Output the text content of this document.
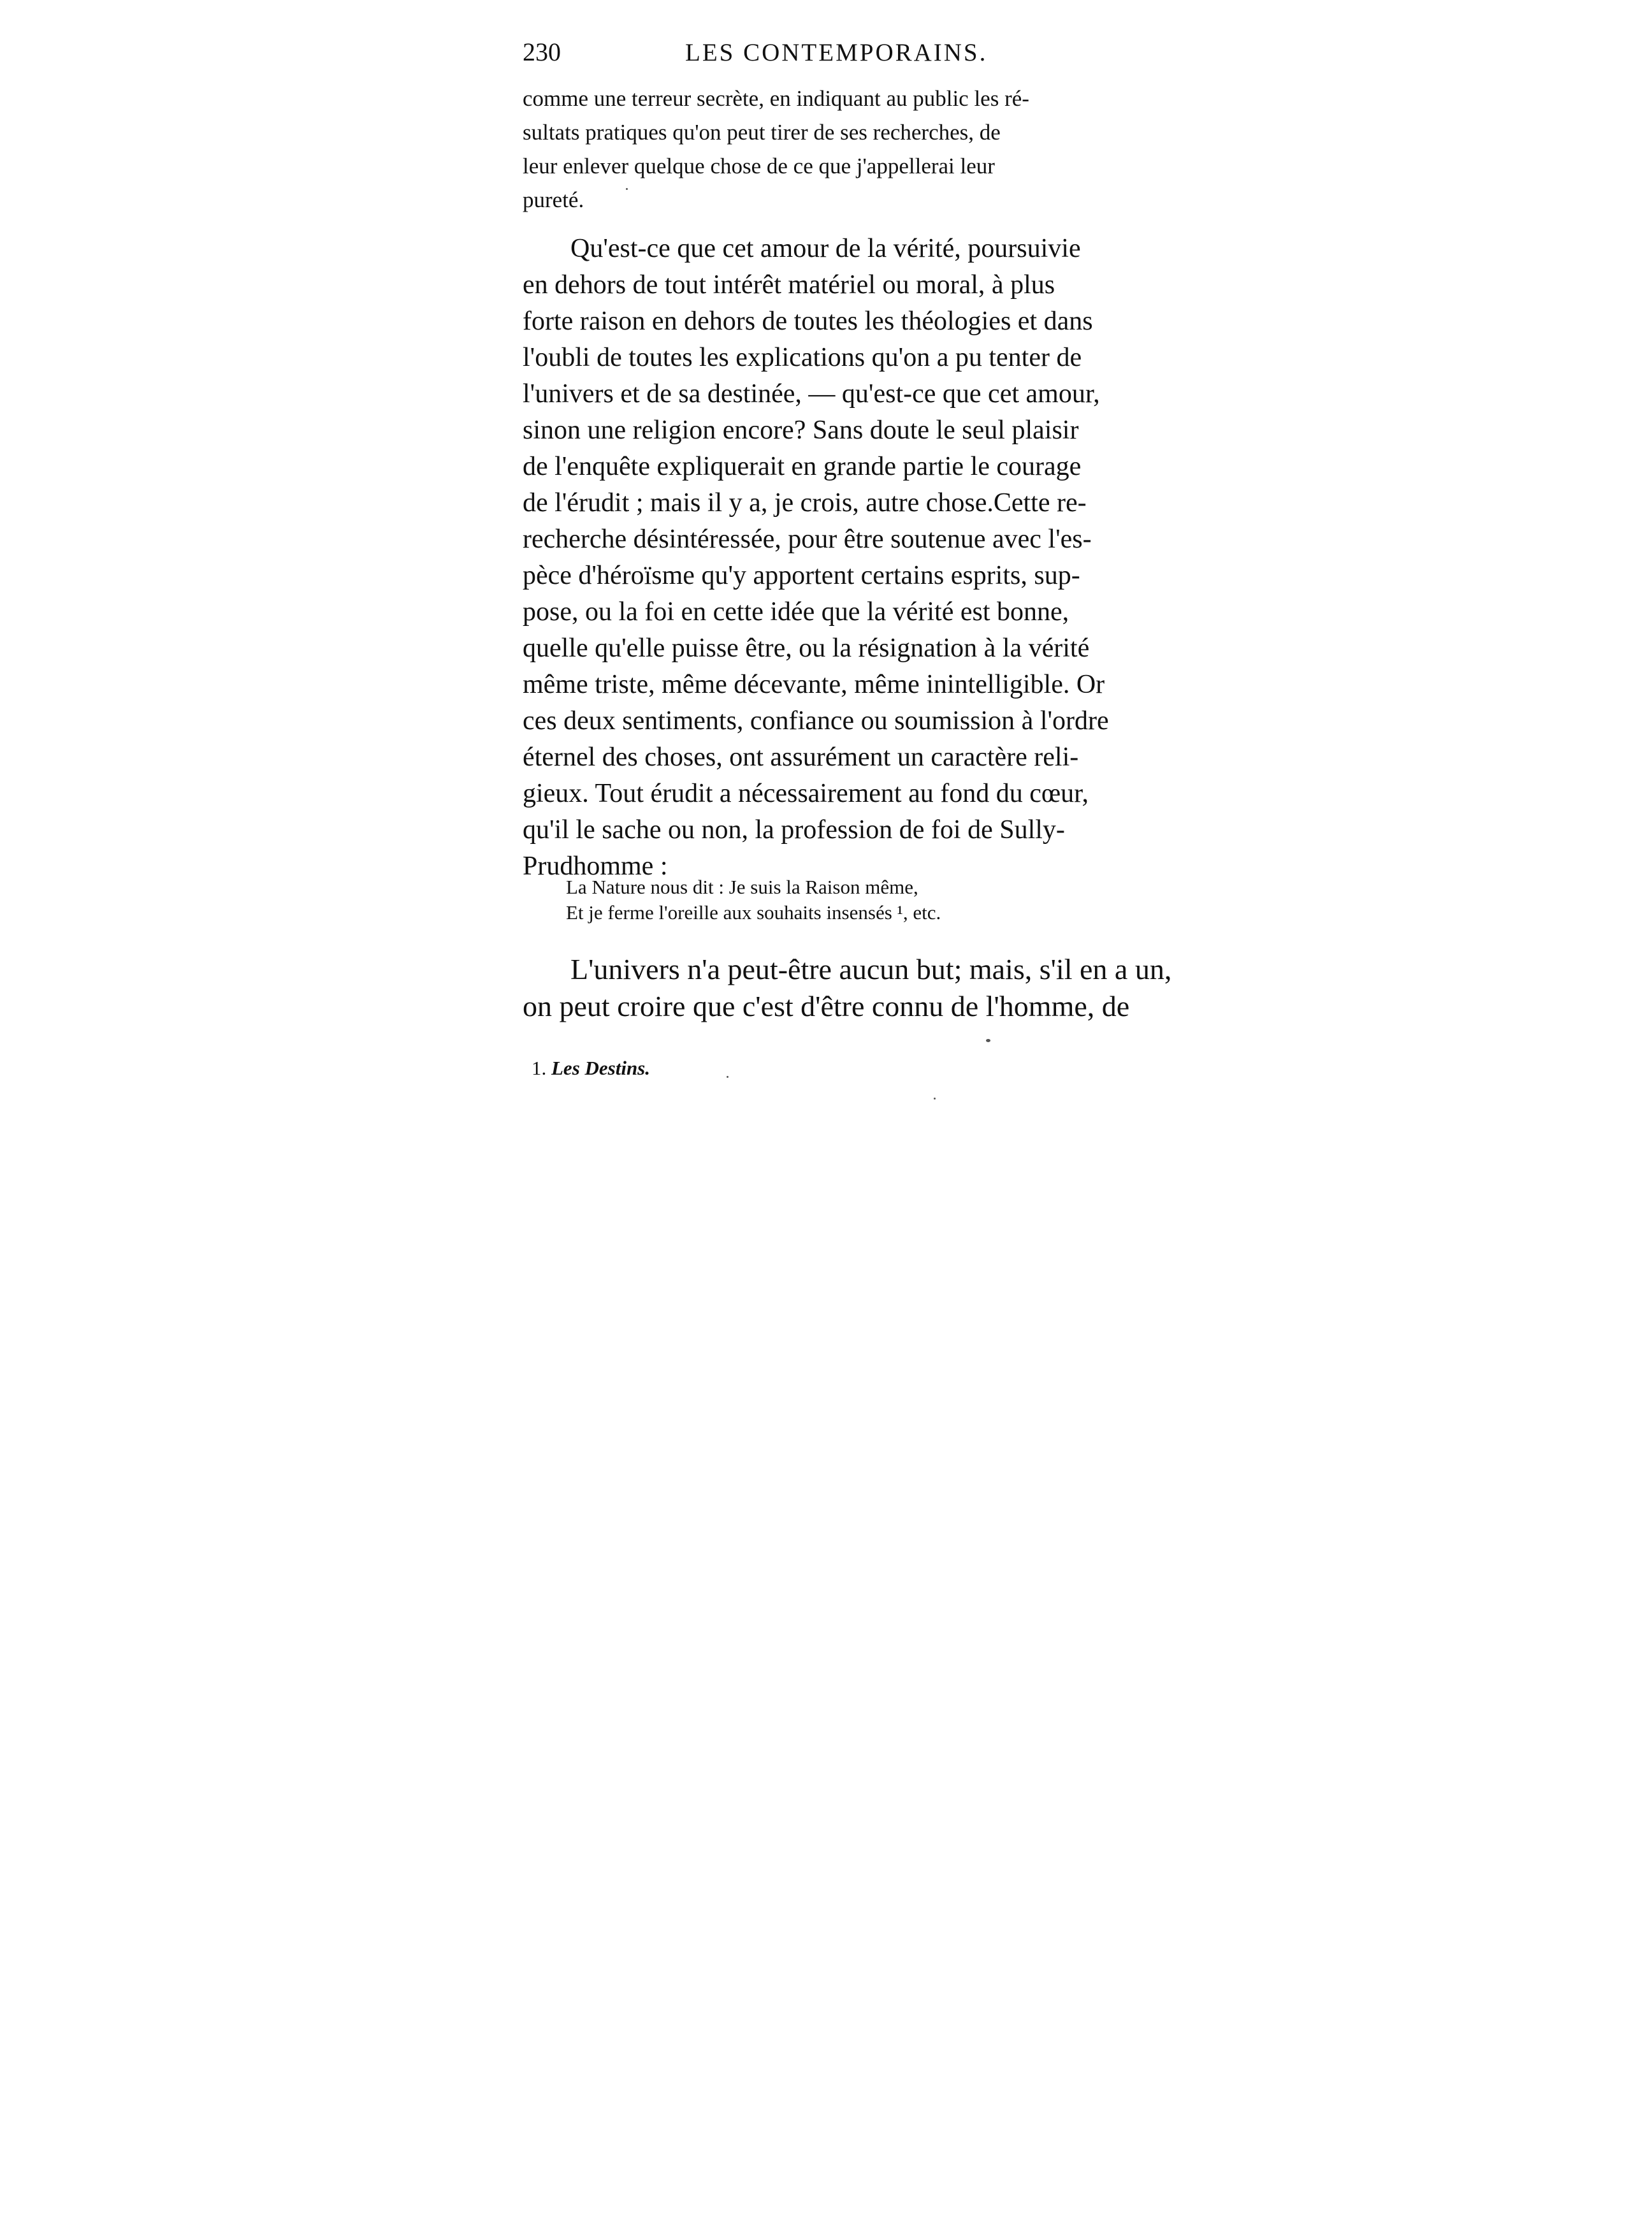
230	LES CONTEMPORAINS.
comme une terreur secrète, en indiquant au public les ré-
sultats pratiques qu'on peut tirer de ses recherches, de
leur enlever quelque chose de ce que j'appellerai leur
pureté.
Qu'est-ce que cet amour de la vérité, poursuivie
en dehors de tout intérêt matériel ou moral, à plus
forte raison en dehors de toutes les théologies et dans
l'oubli de toutes les explications qu'on a pu tenter de
l'univers et de sa destinée, — qu'est-ce que cet amour,
sinon une religion encore? Sans doute le seul plaisir
de l'enquête expliquerait en grande partie le courage
de l'érudit ; mais il y a, je crois, autre chose.Cette re-
recherche désintéressée, pour être soutenue avec l'es-
pèce d'héroïsme qu'y apportent certains esprits, sup-
pose, ou la foi en cette idée que la vérité est bonne,
quelle qu'elle puisse être, ou la résignation à la vérité
même triste, même décevante, même inintelligible. Or
ces deux sentiments, confiance ou soumission à l'ordre
éternel des choses, ont assurément un caractère reli-
gieux. Tout érudit a nécessairement au fond du cœur,
qu'il le sache ou non, la profession de foi de Sully-
Prudhomme :
La Nature nous dit : Je suis la Raison même,
Et je ferme l'oreille aux souhaits insensés ¹, etc.
L'univers n'a peut-être aucun but; mais, s'il en a un,
on peut croire que c'est d'être connu de l'homme, de
1. Les Destins.
